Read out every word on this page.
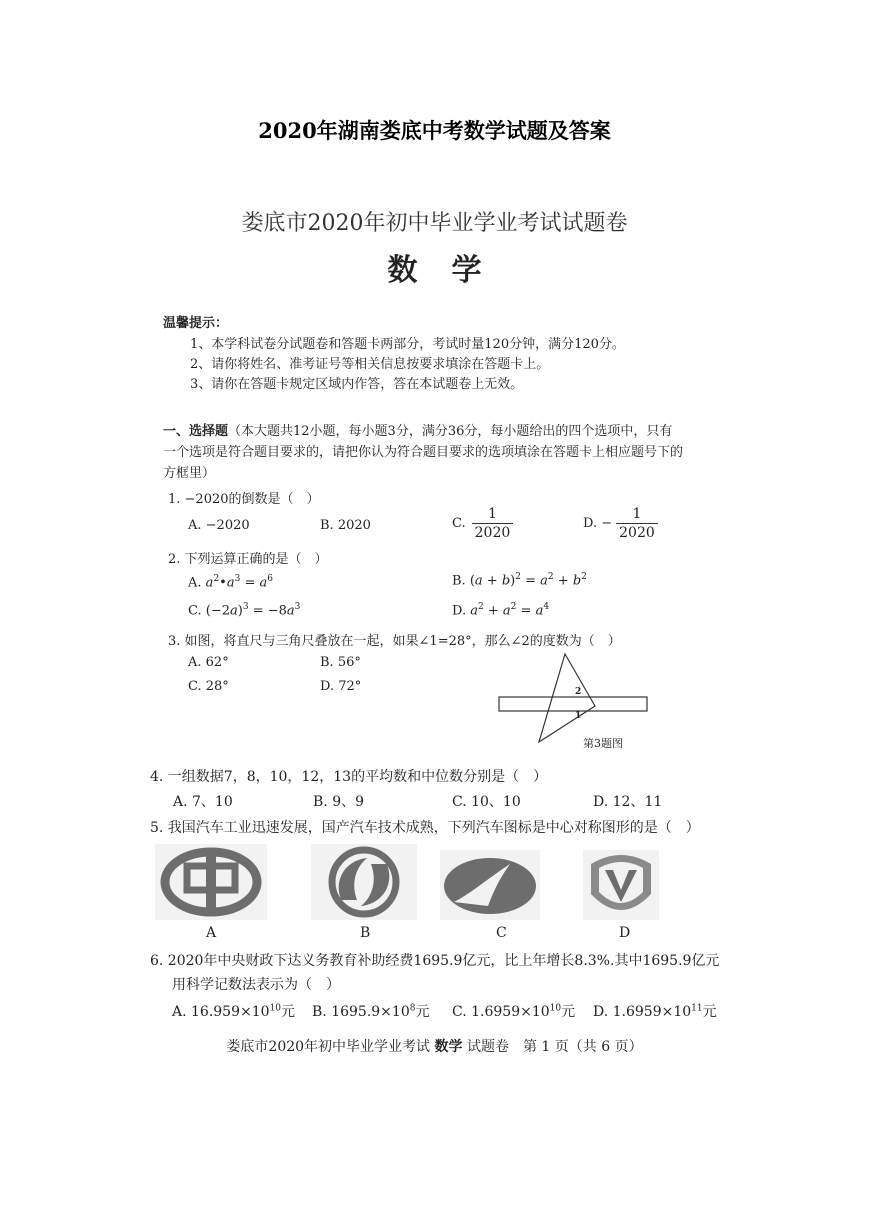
2020年湖南娄底中考数学试题及答案
娄底市2020年初中毕业学业考试试题卷
数学
温馨提示：
1、本学科试卷分试题卷和答题卡两部分，考试时量120分钟，满分120分。
2、请你将姓名、准考证号等相关信息按要求填涂在答题卡上。
3、请你在答题卡规定区域内作答，答在本试题卷上无效。
一、选择题（本大题共12小题，每小题3分，满分36分，每小题给出的四个选项中，只有
一个选项是符合题目要求的，请把你认为符合题目要求的选项填涂在答题卡上相应题号下的
方框里）
1. −2020的倒数是（　）
A. −2020	B. 2020	C. $\frac{1}{2020}$	D. − $\frac{1}{2020}$
2. 下列运算正确的是（　）
A. $a^2•a^3 = a^6$	B. $(a + b)^2 = a^2 + b^2$
C. $(-2a)^3 = -8a^3$	D. $a^2 + a^2 = a^4$
3. 如图，将直尺与三角尺叠放在一起，如果∠1=28°，那么∠2的度数为（　）
A. 62°	B. 56°
C. 28°	D. 72°	2
1
第3题图
4. 一组数据7，8，10，12，13的平均数和中位数分别是（　）
A. 7、10	B. 9、9	C. 10、10	D. 12、11
5. 我国汽车工业迅速发展，国产汽车技术成熟，下列汽车图标是中心对称图形的是（　）
A	B	C	D
6. 2020年中央财政下达义务教育补助经费1695.9亿元，比上年增长8.3%.其中1695.9亿元
用科学记数法表示为（　）
A. $16.959\times 10^{10}$元 B. $1695.9\times 10^8$元 C. $1.6959\times 10^{10}$元 D. $1.6959\times 10^{11}$元
娄底市2020年初中毕业学业考试 数学 试题卷　第 1 页（共 6 页）
